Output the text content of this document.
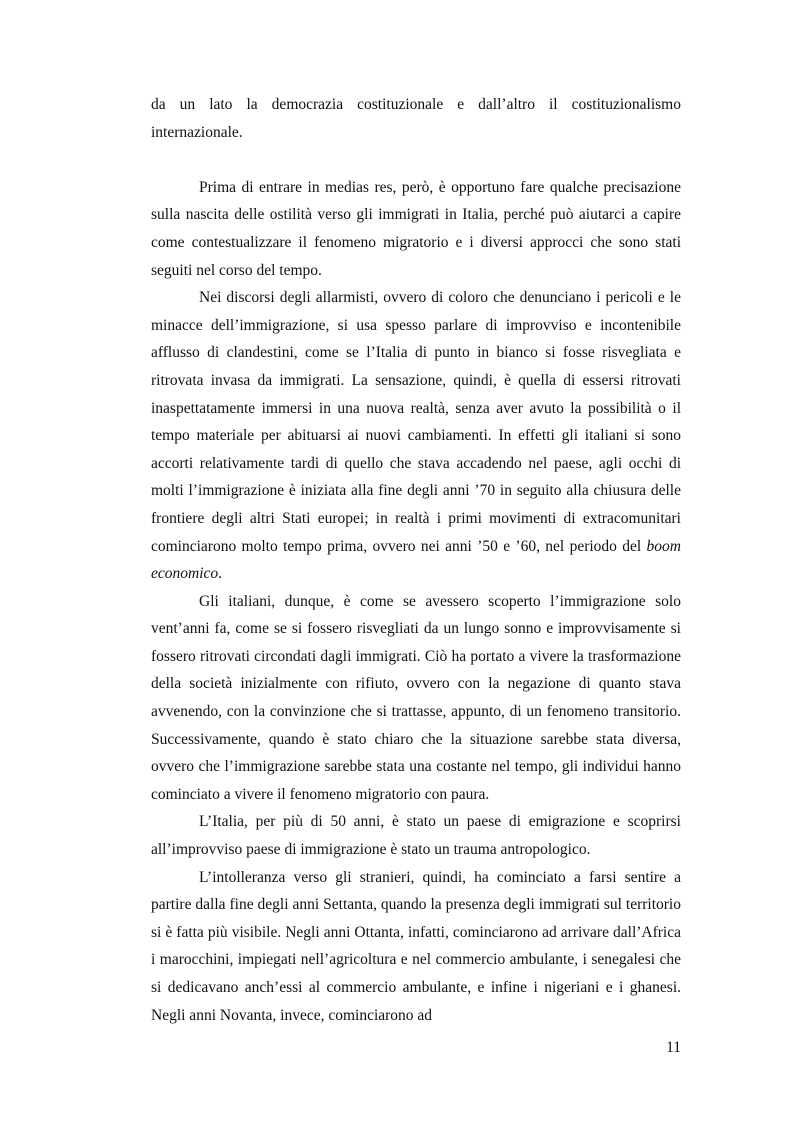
da un lato la democrazia costituzionale e dall’altro il costituzionalismo internazionale.

Prima di entrare in medias res, però, è opportuno fare qualche precisazione sulla nascita delle ostilità verso gli immigrati in Italia, perché può aiutarci a capire come contestualizzare il fenomeno migratorio e i diversi approcci che sono stati seguiti nel corso del tempo.

Nei discorsi degli allarmisti, ovvero di coloro che denunciano i pericoli e le minacce dell’immigrazione, si usa spesso parlare di improvviso e incontenibile afflusso di clandestini, come se l’Italia di punto in bianco si fosse risvegliata e ritrovata invasa da immigrati. La sensazione, quindi, è quella di essersi ritrovati inaspettatamente immersi in una nuova realtà, senza aver avuto la possibilità o il tempo materiale per abituarsi ai nuovi cambiamenti. In effetti gli italiani si sono accorti relativamente tardi di quello che stava accadendo nel paese, agli occhi di molti l’immigrazione è iniziata alla fine degli anni ’70 in seguito alla chiusura delle frontiere degli altri Stati europei; in realtà i primi movimenti di extracomunitari cominciarono molto tempo prima, ovvero nei anni ’50 e ’60, nel periodo del boom economico.

Gli italiani, dunque, è come se avessero scoperto l’immigrazione solo vent’anni fa, come se si fossero risvegliati da un lungo sonno e improvvisamente si fossero ritrovati circondati dagli immigrati. Ciò ha portato a vivere la trasformazione della società inizialmente con rifiuto, ovvero con la negazione di quanto stava avvenendo, con la convinzione che si trattasse, appunto, di un fenomeno transitorio. Successivamente, quando è stato chiaro che la situazione sarebbe stata diversa, ovvero che l’immigrazione sarebbe stata una costante nel tempo, gli individui hanno cominciato a vivere il fenomeno migratorio con paura.

L’Italia, per più di 50 anni, è stato un paese di emigrazione e scoprirsi all’improvviso paese di immigrazione è stato un trauma antropologico.

L’intolleranza verso gli stranieri, quindi, ha cominciato a farsi sentire a partire dalla fine degli anni Settanta, quando la presenza degli immigrati sul territorio si è fatta più visibile. Negli anni Ottanta, infatti, cominciarono ad arrivare dall’Africa i marocchini, impiegati nell’agricoltura e nel commercio ambulante, i senegalesi che si dedicavano anch’essi al commercio ambulante, e infine i nigeriani e i ghanesi. Negli anni Novanta, invece, cominciarono ad

11
